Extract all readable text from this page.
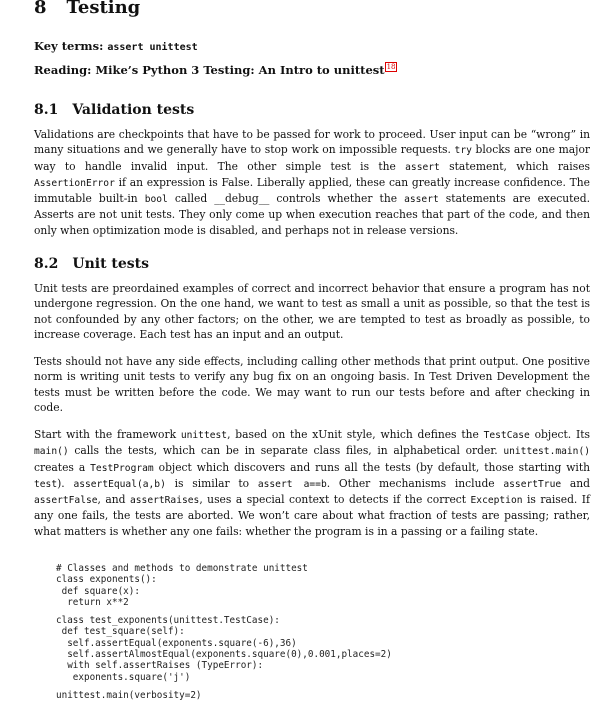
8 Testing
Key terms: assert unittest
Reading: Mike’s Python 3 Testing: An Intro to unittest 18
8.1 Validation tests
Validations are checkpoints that have to be passed for work to proceed. User input can be “wrong” in many situations and we generally have to stop work on impossible requests. try blocks are one major way to handle invalid input. The other simple test is the assert statement, which raises AssertionError if an expression is False. Liberally applied, these can greatly increase confidence. The immutable built-in bool called __debug__ controls whether the assert statements are executed. Asserts are not unit tests. They only come up when execution reaches that part of the code, and then only when optimization mode is disabled, and perhaps not in release versions.
8.2 Unit tests
Unit tests are preordained examples of correct and incorrect behavior that ensure a program has not undergone regression. On the one hand, we want to test as small a unit as possible, so that the test is not confounded by any other factors; on the other, we are tempted to test as broadly as possible, to increase coverage. Each test has an input and an output.
Tests should not have any side effects, including calling other methods that print output. One positive norm is writing unit tests to verify any bug fix on an ongoing basis. In Test Driven Development the tests must be written before the code. We may want to run our tests before and after checking in code.
Start with the framework unittest, based on the xUnit style, which defines the TestCase object. Its main() calls the tests, which can be in separate class files, in alphabetical order. unittest.main() creates a TestProgram object which discovers and runs all the tests (by default, those starting with test). assertEqual(a,b) is similar to assert a==b. Other mechanisms include assertTrue and assertFalse, and assertRaises, uses a special context to detects if the correct Exception is raised. If any one fails, the tests are aborted. We won’t care about what fraction of tests are passing; rather, what matters is whether any one fails: whether the program is in a passing or a failing state.
# Classes and methods to demonstrate unittest
class exponents():
def square(x):
return x**2

class test_exponents(unittest.TestCase):
def test_square(self):
self.assertEqual(exponents.square(-6),36)
self.assertAlmostEqual(exponents.square(0),0.001,places=2)
with self.assertRaises (TypeError):
exponents.square('j')

unittest.main(verbosity=2)
